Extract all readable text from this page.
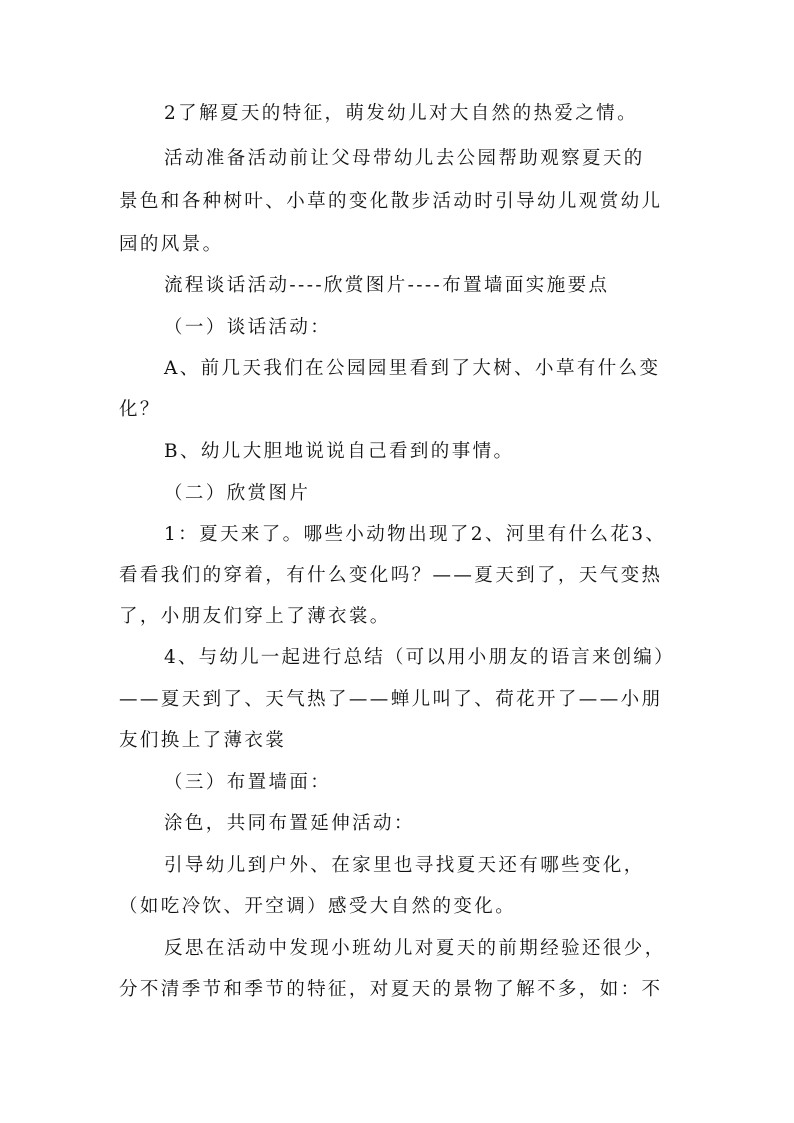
2了解夏天的特征，萌发幼儿对大自然的热爱之情。
活动准备活动前让父母带幼儿去公园帮助观察夏天的
景色和各种树叶、小草的变化散步活动时引导幼儿观赏幼儿
园的风景。
流程谈话活动----欣赏图片----布置墙面实施要点
（一）谈话活动：
A、前几天我们在公园园里看到了大树、小草有什么变
化？
B、幼儿大胆地说说自己看到的事情。
（二）欣赏图片
1：夏天来了。哪些小动物出现了2、河里有什么花3、
看看我们的穿着，有什么变化吗？——夏天到了，天气变热
了，小朋友们穿上了薄衣裳。
4、与幼儿一起进行总结（可以用小朋友的语言来创编）
——夏天到了、天气热了——蝉儿叫了、荷花开了——小朋
友们换上了薄衣裳
（三）布置墙面：
涂色，共同布置延伸活动：
引导幼儿到户外、在家里也寻找夏天还有哪些变化，
（如吃冷饮、开空调）感受大自然的变化。
反思在活动中发现小班幼儿对夏天的前期经验还很少，
分不清季节和季节的特征，对夏天的景物了解不多，如：不
